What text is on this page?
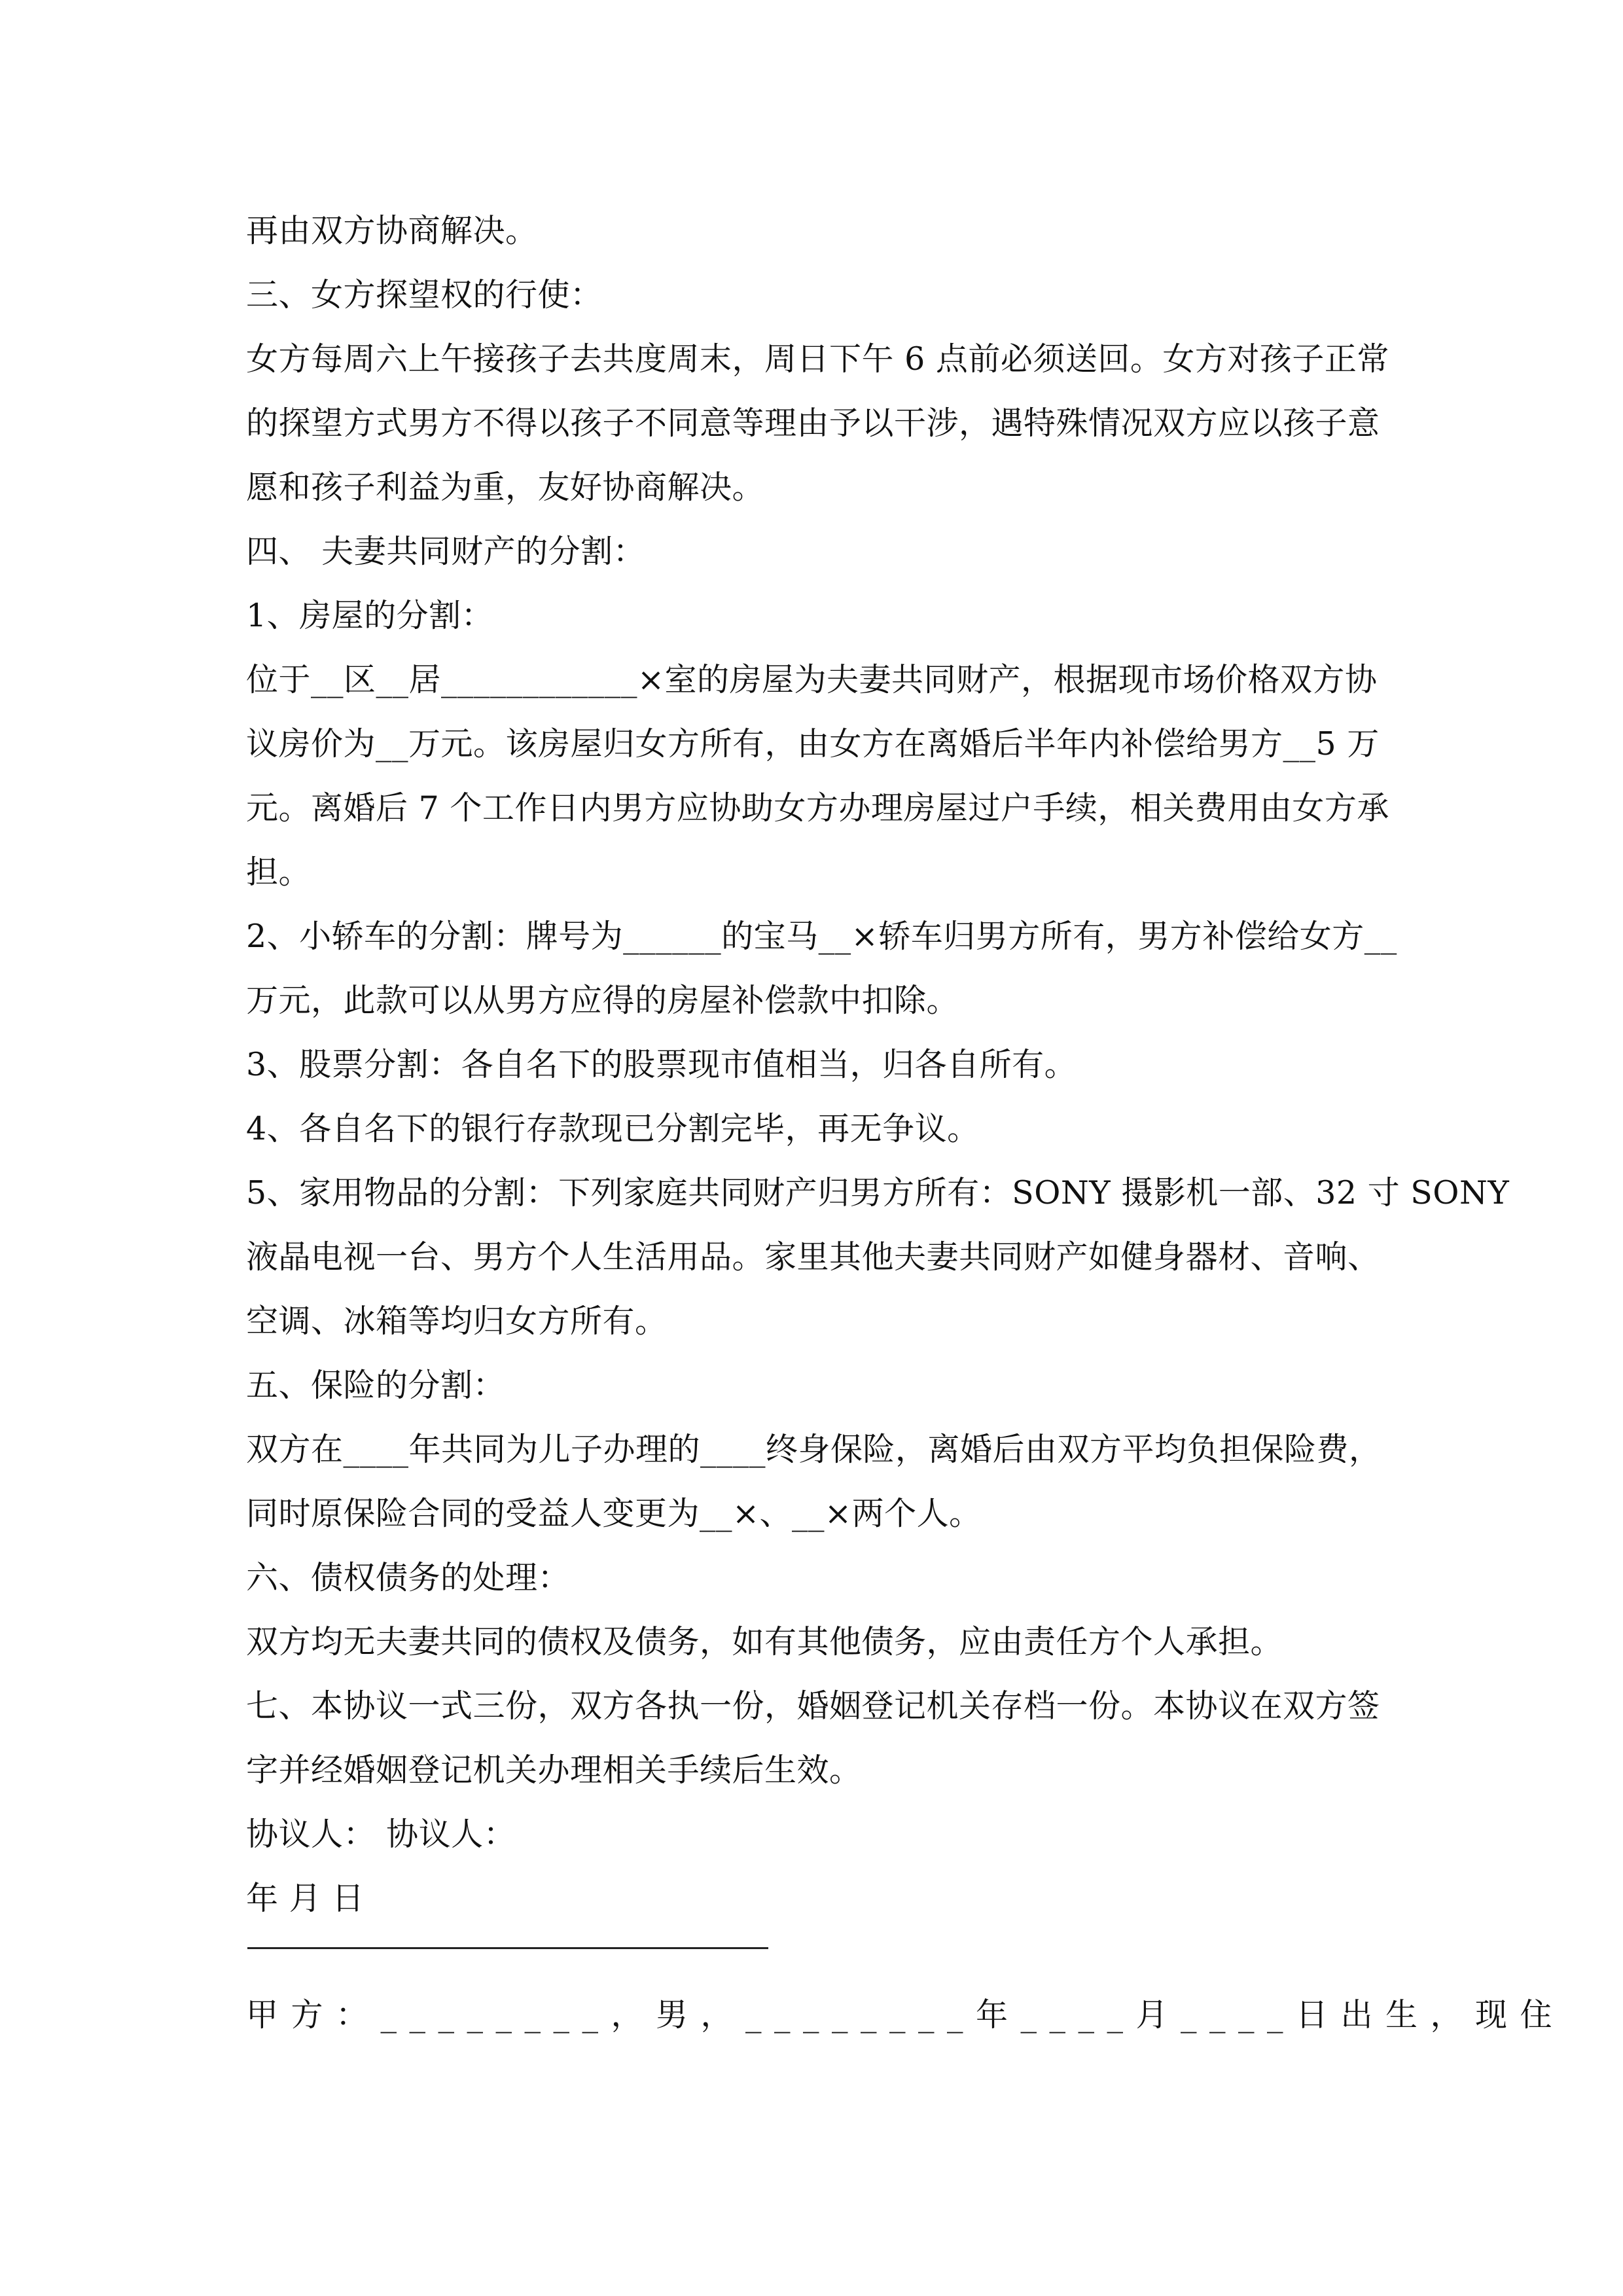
再由双方协商解决。
三、女方探望权的行使：
女方每周六上午接孩子去共度周末，周日下午 6 点前必须送回。女方对孩子正常
的探望方式男方不得以孩子不同意等理由予以干涉，遇特殊情况双方应以孩子意
愿和孩子利益为重，友好协商解决。
四、 夫妻共同财产的分割：
1、房屋的分割：
位于__区__居____________×室的房屋为夫妻共同财产，根据现市场价格双方协
议房价为__万元。该房屋归女方所有，由女方在离婚后半年内补偿给男方__5 万
元。离婚后 7 个工作日内男方应协助女方办理房屋过户手续，相关费用由女方承
担。
2、小轿车的分割：牌号为______的宝马__×轿车归男方所有，男方补偿给女方__
万元，此款可以从男方应得的房屋补偿款中扣除。
3、股票分割：各自名下的股票现市值相当，归各自所有。
4、各自名下的银行存款现已分割完毕，再无争议。
5、家用物品的分割：下列家庭共同财产归男方所有：SONY 摄影机一部、32 寸 SONY
液晶电视一台、男方个人生活用品。家里其他夫妻共同财产如健身器材、音响、
空调、冰箱等均归女方所有。
五、保险的分割：
双方在____年共同为儿子办理的____终身保险，离婚后由双方平均负担保险费，
同时原保险合同的受益人变更为__×、__×两个人。
六、债权债务的处理：
双方均无夫妻共同的债权及债务，如有其他债务，应由责任方个人承担。
七、本协议一式三份，双方各执一份，婚姻登记机关存档一份。本协议在双方签
字并经婚姻登记机关办理相关手续后生效。
协议人： 协议人：
年 月 日
甲方：________，男，________年____月____日出生，现住
